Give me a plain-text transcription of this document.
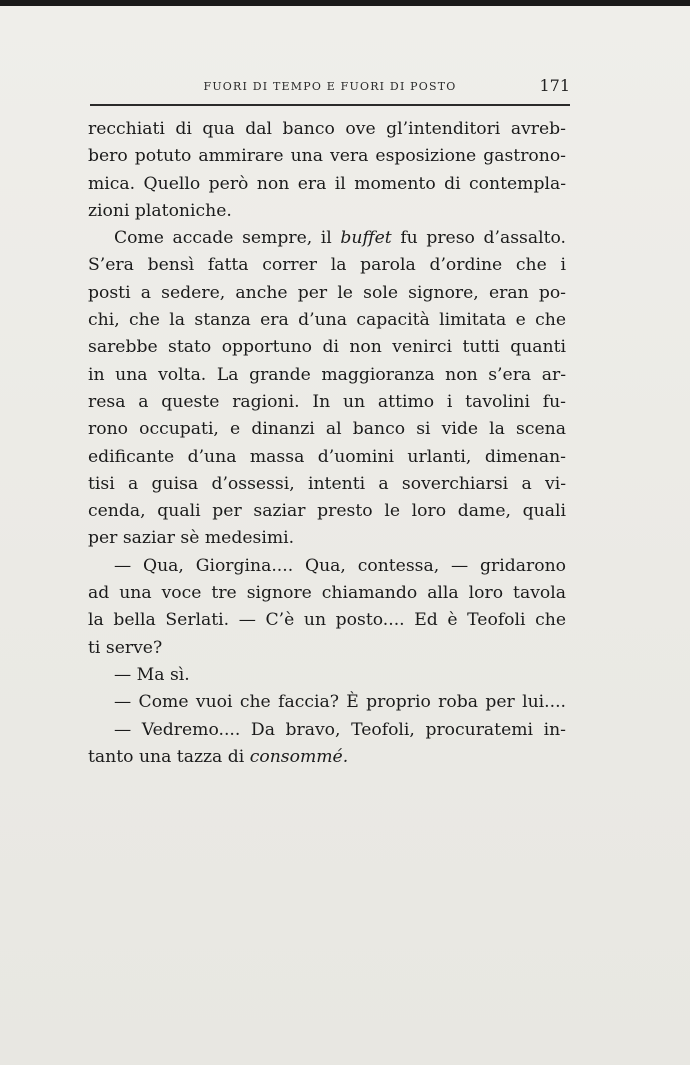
FUORI DI TEMPO E FUORI DI POSTO	171
recchiati di qua dal banco ove gl’intenditori avreb-
bero potuto ammirare una vera esposizione gastrono-
mica. Quello però non era il momento di contempla-
zioni platoniche.
Come accade sempre, il buffet fu preso d’assalto.
S’era bensì fatta correr la parola d’ordine che i
posti a sedere, anche per le sole signore, eran po-
chi, che la stanza era d’una capacità limitata e che
sarebbe stato opportuno di non venirci tutti quanti
in una volta. La grande maggioranza non s’era ar-
resa a queste ragioni. In un attimo i tavolini fu-
rono occupati, e dinanzi al banco si vide la scena
edificante d’una massa d’uomini urlanti, dimenan-
tisi a guisa d’ossessi, intenti a soverchiarsi a vi-
cenda, quali per saziar presto le loro dame, quali
per saziar sè medesimi.
— Qua, Giorgina.... Qua, contessa, — gridarono
ad una voce tre signore chiamando alla loro tavola
la bella Serlati. — C’è un posto.... Ed è Teofoli che
ti serve?
— Ma sì.
— Come vuoi che faccia? È proprio roba per lui....
— Vedremo.... Da bravo, Teofoli, procuratemi in-
tanto una tazza di consommé.
